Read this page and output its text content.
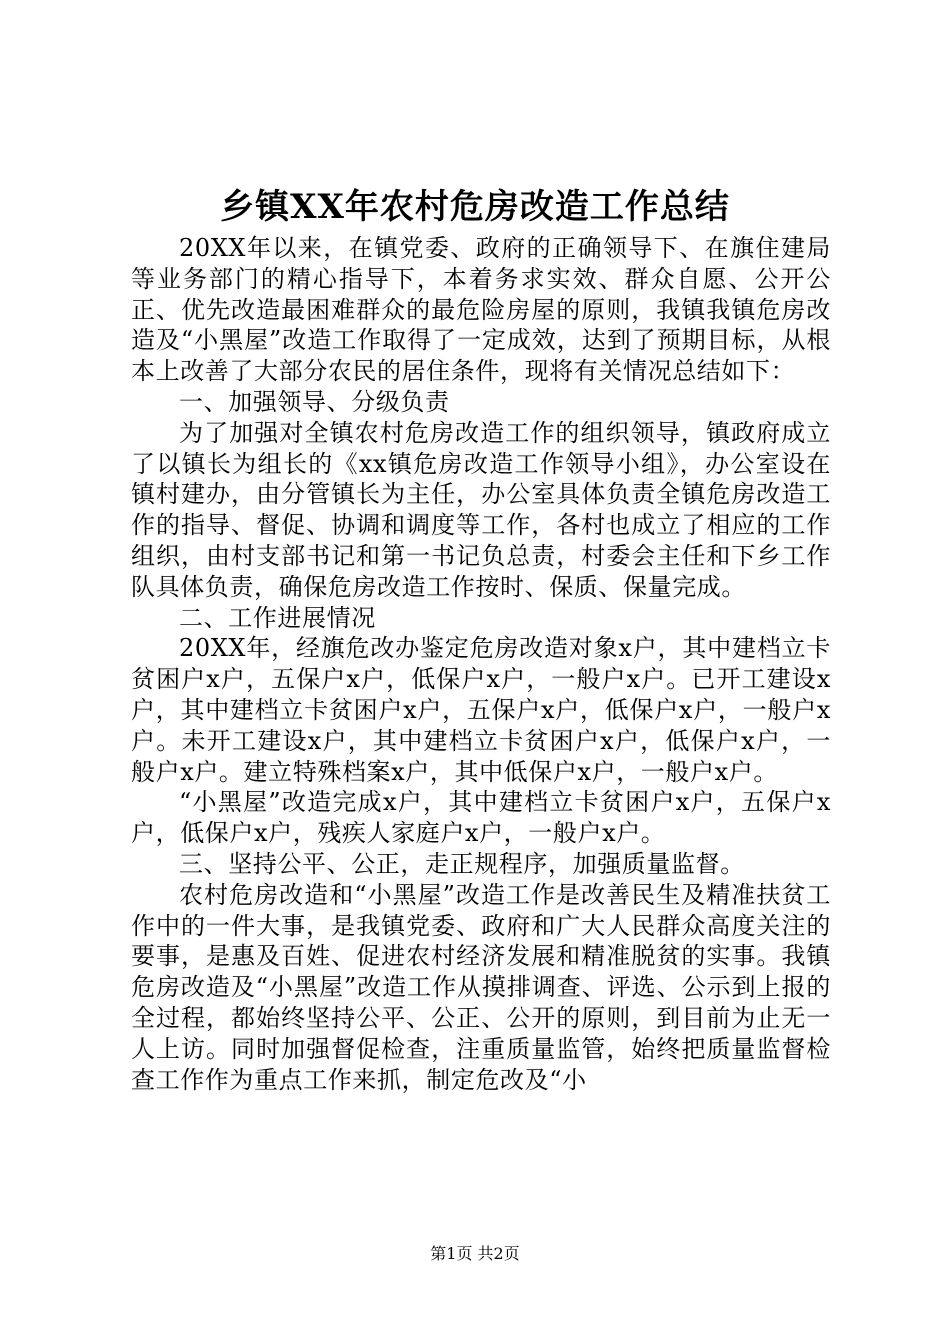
乡镇XX年农村危房改造工作总结

20XX年以来，在镇党委、政府的正确领导下、在旗住建局等业务部门的精心指导下，本着务求实效、群众自愿、公开公正、优先改造最困难群众的最危险房屋的原则，我镇我镇危房改造及“小黑屋”改造工作取得了一定成效，达到了预期目标，从根本上改善了大部分农民的居住条件，现将有关情况总结如下：

一、加强领导、分级负责

为了加强对全镇农村危房改造工作的组织领导，镇政府成立了以镇长为组长的《xx镇危房改造工作领导小组》，办公室设在镇村建办，由分管镇长为主任，办公室具体负责全镇危房改造工作的指导、督促、协调和调度等工作，各村也成立了相应的工作组织，由村支部书记和第一书记负总责，村委会主任和下乡工作队具体负责，确保危房改造工作按时、保质、保量完成。

二、工作进展情况

20XX年，经旗危改办鉴定危房改造对象x户，其中建档立卡贫困户x户，五保户x户，低保户x户，一般户x户。已开工建设x户，其中建档立卡贫困户x户，五保户x户，低保户x户，一般户x户。未开工建设x户，其中建档立卡贫困户x户，低保户x户，一般户x户。建立特殊档案x户，其中低保户x户，一般户x户。

“小黑屋”改造完成x户，其中建档立卡贫困户x户，五保户x户，低保户x户，残疾人家庭户x户，一般户x户。

三、坚持公平、公正，走正规程序，加强质量监督。

农村危房改造和“小黑屋”改造工作是改善民生及精准扶贫工作中的一件大事，是我镇党委、政府和广大人民群众高度关注的要事，是惠及百姓、促进农村经济发展和精准脱贫的实事。我镇危房改造及“小黑屋”改造工作从摸排调查、评选、公示到上报的全过程，都始终坚持公平、公正、公开的原则，到目前为止无一人上访。同时加强督促检查，注重质量监管，始终把质量监督检查工作作为重点工作来抓，制定危改及“小

第1页 共2页
